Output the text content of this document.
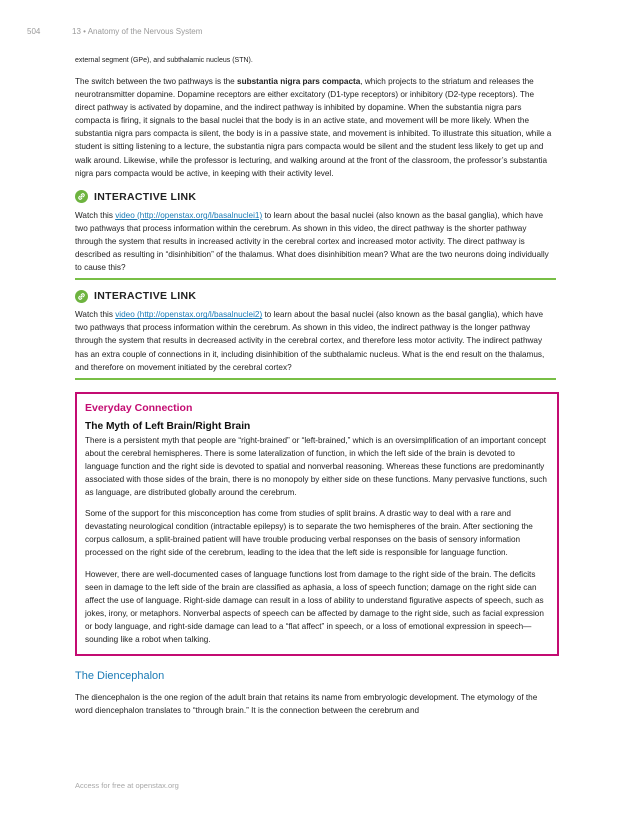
504	13 • Anatomy of the Nervous System

external segment (GPe), and subthalamic nucleus (STN).

The switch between the two pathways is the substantia nigra pars compacta, which projects to the striatum and releases the neurotransmitter dopamine. Dopamine receptors are either excitatory (D1-type receptors) or inhibitory (D2-type receptors). The direct pathway is activated by dopamine, and the indirect pathway is inhibited by dopamine. When the substantia nigra pars compacta is firing, it signals to the basal nuclei that the body is in an active state, and movement will be more likely. When the substantia nigra pars compacta is silent, the body is in a passive state, and movement is inhibited. To illustrate this situation, while a student is sitting listening to a lecture, the substantia nigra pars compacta would be silent and the student less likely to get up and walk around. Likewise, while the professor is lecturing, and walking around at the front of the classroom, the professor’s substantia nigra pars compacta would be active, in keeping with their activity level.

INTERACTIVE LINK

Watch this video (http://openstax.org/l/basalnuclei1) to learn about the basal nuclei (also known as the basal ganglia), which have two pathways that process information within the cerebrum. As shown in this video, the direct pathway is the shorter pathway through the system that results in increased activity in the cerebral cortex and increased motor activity. The direct pathway is described as resulting in “disinhibition” of the thalamus. What does disinhibition mean? What are the two neurons doing individually to cause this?

INTERACTIVE LINK

Watch this video (http://openstax.org/l/basalnuclei2) to learn about the basal nuclei (also known as the basal ganglia), which have two pathways that process information within the cerebrum. As shown in this video, the indirect pathway is the longer pathway through the system that results in decreased activity in the cerebral cortex, and therefore less motor activity. The indirect pathway has an extra couple of connections in it, including disinhibition of the subthalamic nucleus. What is the end result on the thalamus, and therefore on movement initiated by the cerebral cortex?

Everyday Connection
The Myth of Left Brain/Right Brain

There is a persistent myth that people are “right-brained” or “left-brained,” which is an oversimplification of an important concept about the cerebral hemispheres. There is some lateralization of function, in which the left side of the brain is devoted to language function and the right side is devoted to spatial and nonverbal reasoning. Whereas these functions are predominantly associated with those sides of the brain, there is no monopoly by either side on these functions. Many pervasive functions, such as language, are distributed globally around the cerebrum.

Some of the support for this misconception has come from studies of split brains. A drastic way to deal with a rare and devastating neurological condition (intractable epilepsy) is to separate the two hemispheres of the brain. After sectioning the corpus callosum, a split-brained patient will have trouble producing verbal responses on the basis of sensory information processed on the right side of the cerebrum, leading to the idea that the left side is responsible for language function.

However, there are well-documented cases of language functions lost from damage to the right side of the brain. The deficits seen in damage to the left side of the brain are classified as aphasia, a loss of speech function; damage on the right side can affect the use of language. Right-side damage can result in a loss of ability to understand figurative aspects of speech, such as jokes, irony, or metaphors. Nonverbal aspects of speech can be affected by damage to the right side, such as facial expression or body language, and right-side damage can lead to a “flat affect” in speech, or a loss of emotional expression in speech—sounding like a robot when talking.

The Diencephalon

The diencephalon is the one region of the adult brain that retains its name from embryologic development. The etymology of the word diencephalon translates to “through brain.” It is the connection between the cerebrum and

Access for free at openstax.org
